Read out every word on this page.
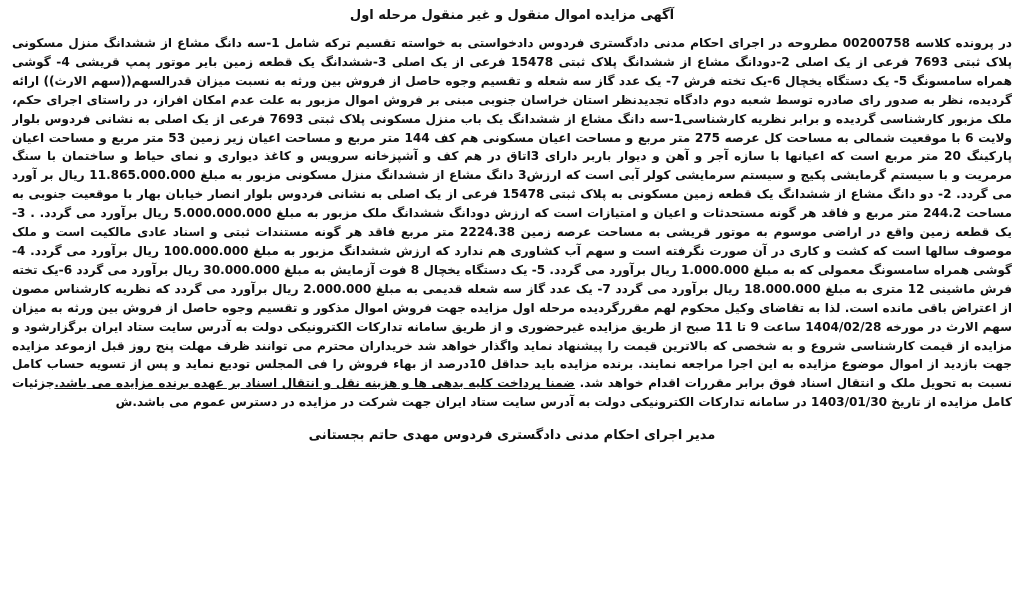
آگهی مزایده اموال منقول و غیر منقول مرحله اول

در پرونده کلاسه 00200758 مطروحه در اجرای احکام مدنی دادگستری فردوس دادخواستی به خواسته تقسیم ترکه شامل 1-سه دانگ مشاع از ششدانگ منزل مسکونی پلاک ثبتی 7693 فرعی از یک اصلی 2-دودانگ مشاع از ششدانگ پلاک ثبتی 15478 فرعی از یک اصلی 3-ششدانگ یک قطعه زمین بایر موتور پمپ قریشی 4- گوشی همراه سامسونگ 5- یک دستگاه یخچال 6-یک تخته فرش 7- یک عدد گاز سه شعله و تقسیم وجوه حاصل از فروش بین ورثه به نسبت میزان قدرالسهم((سهم الارث)) ارائه گردیده، نظر به صدور رای صادره توسط شعبه دوم دادگاه تجدیدنظر استان خراسان جنوبی مبنی بر فروش اموال مزبور به علت عدم امکان افراز، در راستای اجرای حکم، ملک مزبور کارشناسی گردیده و برابر نظریه کارشناسی1-سه دانگ مشاع از ششدانگ یک باب منزل مسکونی پلاک ثبتی 7693 فرعی از یک اصلی به نشانی فردوس بلوار ولایت 6 با موقعیت شمالی به مساحت کل عرصه 275 متر مربع و مساحت اعیان مسکونی هم کف 144 متر مربع و مساحت اعیان زیر زمین 53 متر مربع و مساحت اعیان پارکینگ 20 متر مربع است که اعیانها با سازه آجر و آهن و دیوار باربر دارای 3اتاق در هم کف و آشپزخانه سرویس و کاغذ دیواری و نمای حیاط و ساختمان با سنگ مرمریت و با سیستم گرمایشی پکیج و سیستم سرمایشی کولر آبی است که ارزش3 دانگ مشاع از ششدانگ منزل مسکونی مزبور به مبلغ 11.865.000.000 ریال بر آورد می گردد. 2- دو دانگ مشاع از ششدانگ یک قطعه زمین مسکونی به پلاک ثبتی 15478 فرعی از یک اصلی به نشانی فردوس بلوار انصار خیابان بهار با موقعیت جنوبی به مساحت 244.2 متر مربع و فاقد هر گونه مستحدثات و اعیان و امتیازات است که ارزش دودانگ ششدانگ ملک مزبور به مبلغ 5.000.000.000 ریال برآورد می گردد. . 3- یک قطعه زمین واقع در اراضی موسوم به موتور قریشی به مساحت عرصه زمین 2224.38 متر مربع فاقد هر گونه مستندات ثبتی و اسناد عادی مالکیت است و ملک موصوف سالها است که کشت و کاری در آن صورت نگرفته است و سهم آب کشاوری هم ندارد که ارزش ششدانگ مزبور به مبلغ 100.000.000 ریال برآورد می گردد. 4- گوشی همراه سامسونگ معمولی که به مبلغ 1.000.000 ریال برآورد می گردد. 5- یک دستگاه یخچال 8 فوت آزمایش به مبلغ 30.000.000 ریال برآورد می گردد 6-یک تخته فرش ماشینی 12 متری به مبلغ 18.000.000 ریال برآورد می گردد 7- یک عدد گاز سه شعله قدیمی به مبلغ 2.000.000 ریال برآورد می گردد که نظریه کارشناس مصون از اعتراض باقی مانده است. لذا به تقاضای وکیل محکوم لهم مقررگردیده مرحله اول مزایده جهت فروش اموال مذکور و تقسیم وجوه حاصل از فروش بین ورثه به میزان سهم الارث در مورخه 1404/02/28 ساعت 9 تا 11 صبح از طریق مزایده غیرحضوری و از طریق سامانه تدارکات الکترونیکی دولت به آدرس سایت ستاد ایران برگزارشود و مزایده از قیمت کارشناسی شروع و به شخصی که بالاترین قیمت را پیشنهاد نماید واگذار خواهد شد خریداران محترم می توانند ظرف مهلت پنج روز قبل ازموعد مزایده جهت بازدید از اموال موضوع مزایده به این اجرا مراجعه نمایند. برنده مزایده باید حداقل 10درصد از بهاء فروش را فی المجلس تودیع نماید و پس از تسویه حساب کامل نسبت به تحویل ملک و انتقال اسناد فوق برابر مقررات اقدام خواهد شد. ضمنا پرداخت کلیه بدهی ها و هزینه نقل و انتقال اسناد بر عهده برنده مزایده می باشد.جزئیات کامل مزایده از تاریخ 1403/01/30 در سامانه تدارکات الکترونیکی دولت به آدرس سایت ستاد ایران جهت شرکت در مزایده در دسترس عموم می باشد.ش

مدیر اجرای احکام مدنی دادگستری فردوس مهدی حاتم بجستانی
